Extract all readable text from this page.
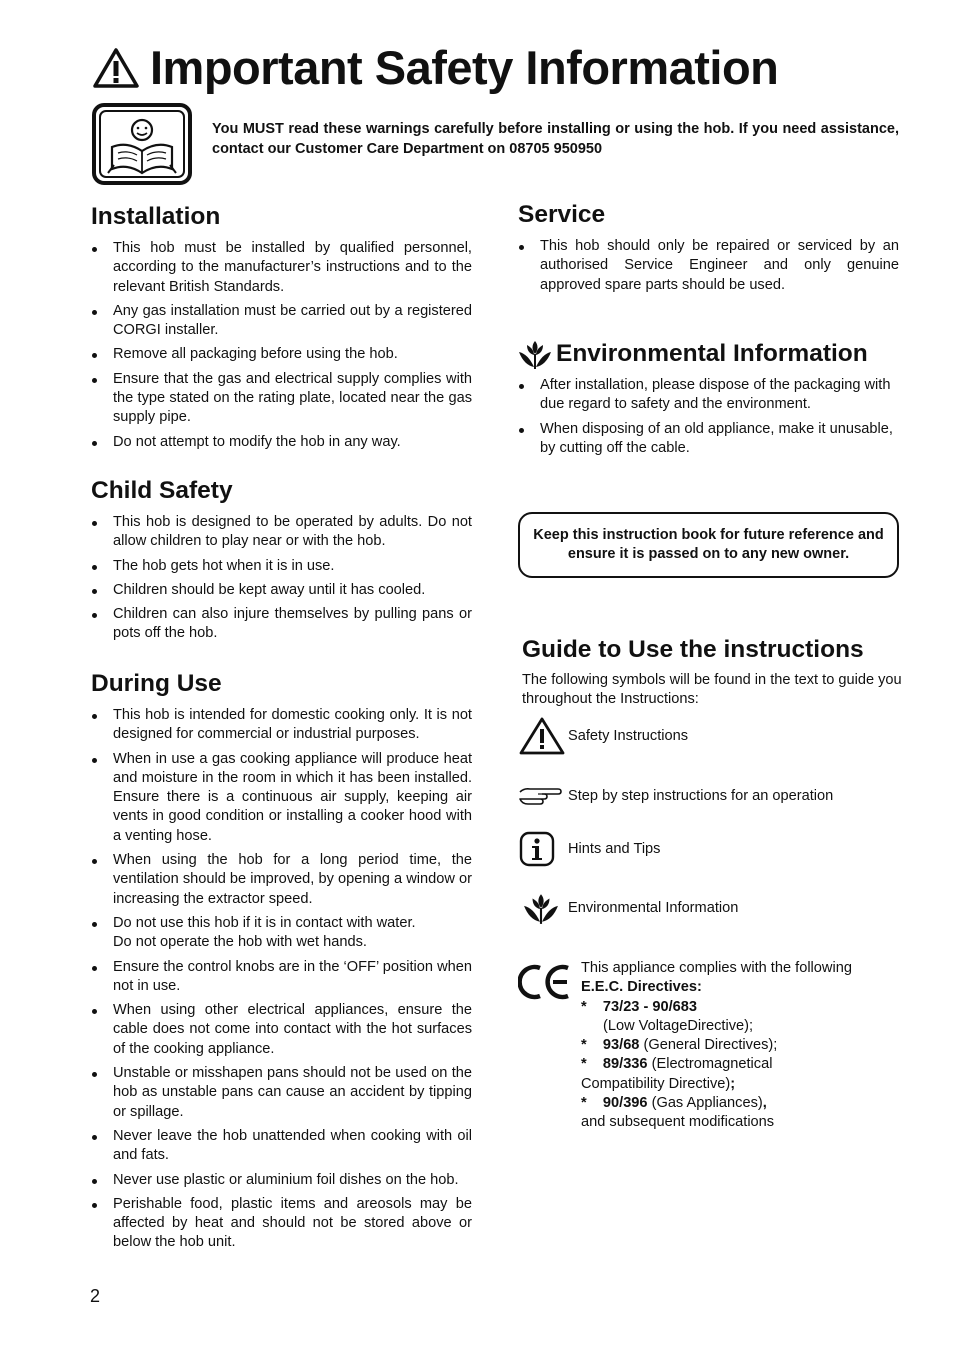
Important Safety Information

You MUST read these warnings carefully before installing or using the hob. If you need assistance, contact our Customer Care Department on 08705 950950

Installation
This hob must be installed by qualified personnel, according to the manufacturer’s instructions and to the relevant British Standards.
Any gas installation must be carried out by a registered CORGI installer.
Remove all packaging before using the hob.
Ensure that the gas and electrical supply complies with the type stated on the rating plate, located near the gas supply pipe.
Do not attempt to modify the hob in any way.
Child Safety
This hob is designed to be operated by adults. Do not allow children to play near or with the hob.
The hob gets hot when it is in use.
Children should be kept away until it has cooled.
Children can also injure themselves by pulling pans or pots off the hob.
During Use
This hob is intended for domestic cooking only. It is not designed for commercial or industrial purposes.
When in use a gas cooking appliance will produce heat and moisture in the room in which it has been installed. Ensure there is a continuous air supply, keeping air vents in good condition or installing a cooker hood with a venting hose.
When using the hob for a long period time, the ventilation should be improved, by opening a window or increasing the extractor speed.
Do not use this hob if it is in contact with water.
Do not operate the hob with wet hands.
Ensure the control knobs are in the ‘OFF’ position when not in use.
When using other electrical appliances, ensure the cable does not come into contact with the hot surfaces of the cooking appliance.
Unstable or misshapen pans should not be used on the hob as unstable pans can cause an accident by tipping or spillage.
Never leave the hob unattended when cooking with oil and fats.
Never use plastic or aluminium foil dishes on the hob.
Perishable food, plastic items and areosols may be affected by heat and should not be stored above or below the hob unit.
Service
This hob should only be repaired or serviced by an authorised Service Engineer and only genuine approved spare parts should be used.
Environmental Information
After installation, please dispose of the packaging with due regard to safety and the environment.
When disposing of an old appliance, make it unusable, by cutting off the cable.
Keep this instruction book for future reference and ensure it is passed on to any new owner.
Guide to Use the instructions

The following symbols will be found in the text to guide you throughout the Instructions:

Safety Instructions
Step by step instructions for an operation
Hints and Tips
Environmental Information
This appliance complies with the following
E.E.C. Directives:
* 73/23 - 90/683
(Low VoltageDirective);
* 93/68 (General Directives);
* 89/336 (Electromagnetical
Compatibility Directive);
* 90/396 (Gas Appliances),
and subsequent modifications
2
